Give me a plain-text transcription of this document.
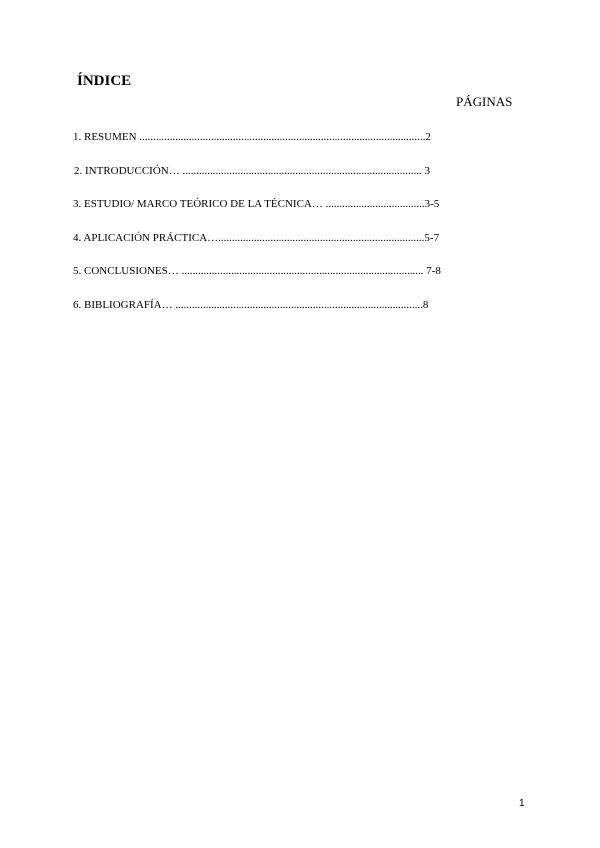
ÍNDICE
PÁGINAS
1. RESUMEN ........................................................................................................2
2. INTRODUCCIÓN… ....................................................................................... 3
3. ESTUDIO/ MARCO TEÓRICO DE LA TÉCNICA… ....................................3-5
4. APLICACIÓN PRÁCTICA…...........................................................................5-7
5. CONCLUSIONES… ........................................................................................ 7-8
6. BIBLIOGRAFÍA… ..........................................................................................8
1
